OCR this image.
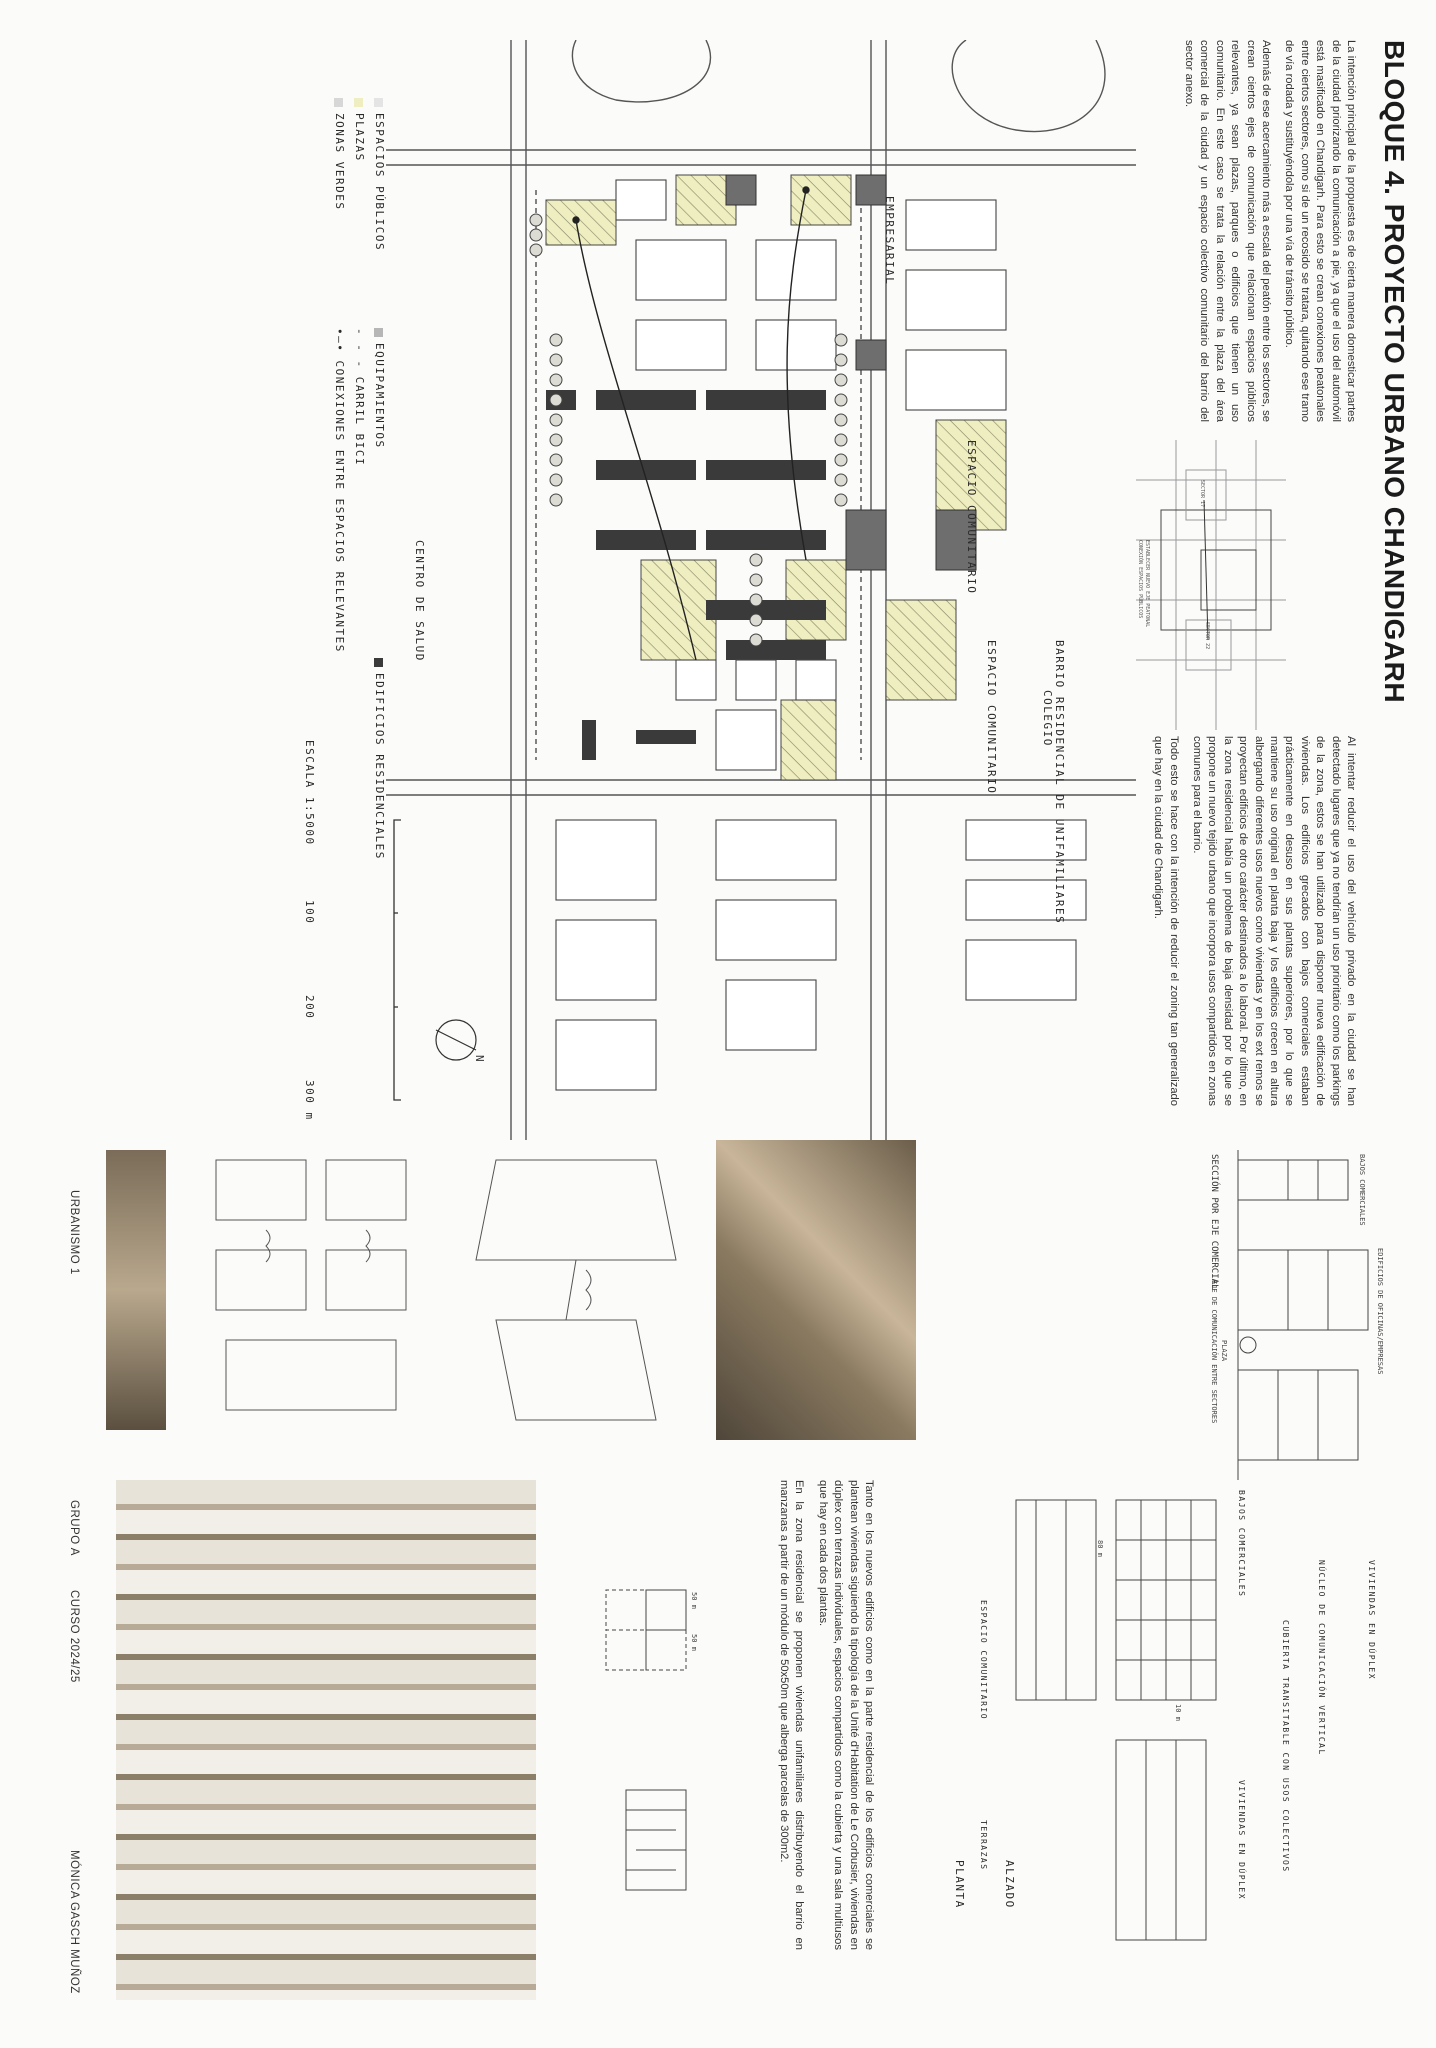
BLOQUE 4. PROYECTO URBANO CHANDIGARH

La intención principal de la propuesta es de cierta manera domesticar partes de la ciudad priorizando la comunicación a pie, ya que el uso del automóvil está masificado en Chandigarh. Para esto se crean conexiones peatonales entre ciertos sectores, como si de un recosido se tratara, quitando ese tramo de vía rodada y sustituyéndola por una vía de tránsito público.

Además de ese acercamiento más a escala del peatón entre los sectores, se crean ciertos ejes de comunicación que relacionan espacios públicos relevantes, ya sean plazas, parques o edificios que tienen un uso comunitario. En este caso se trata la relación entre la plaza del área comercial de la ciudad y un espacio colectivo comunitario del barrio del sector anexo.

Al intentar reducir el uso del vehículo privado en la ciudad se han detectado lugares que ya no tendrían un uso prioritario como los parkings de la zona, estos se han utilizado para disponer nueva edificación de viviendas. Los edificios grecados con bajos comerciales estaban prácticamente en desuso en sus plantas superiores, por lo que se mantiene su uso original en planta baja y los edificios crecen en altura albergando diferentes usos nuevos como viviendas y en los ext remos se proyectan edificios de otro carácter destinados a lo laboral. Por último, en la zona residencial había un problema de baja densidad por lo que se propone un nuevo tejido urbano que incorpora usos compartidos en zonas comunes para el barrio.

Todo esto se hace con la intención de reducir el zoning tan generalizado que hay en la ciudad de Chandigarh.

SECTOR 17
SECTOR 22
ESTABLECER NUEVO EJE PEATONAL
CONEXIÓN ESPACIOS PÚBLICOS
N
ESPACIO COMUNITARIO
EMPRESARIAL
ESPACIO COMUNITARIO	BARRIO RESIDENCIAL DE UNIFAMILIARES
COLEGIO
CENTRO DE SALUD
ESPACIOS PÚBLICOS
PLAZAS
ZONAS VERDES
EQUIPAMIENTOS
- - - CARRIL BICI
•—• CONEXIONES ENTRE ESPACIOS RELEVANTES
EDIFICIOS RESIDENCIALES
ESCALA 1:5000
100
200
300 m
BAJOS COMERCIALES
EDIFICIOS DE OFICINAS/EMPRESAS
SECCIÓN POR EJE COMERCIAL
EJE DE COMUNICACIÓN ENTRE SECTORES PLAZA
VIVIENDAS EN DÚPLEX
NÚCLEO DE COMUNICACIÓN VERTICAL
CUBIERTA TRANSITABLE CON USOS COLECTIVOS
80 m
10 m
BAJOS COMERCIALES
VIVIENDAS EN DÚPLEX
ALZADO
ESPACIO COMUNITARIO
TERRAZAS
PLANTA

Tanto en los nuevos edificios como en la parte residencial de los edificios comerciales se plantean viviendas siguiendo la tipología de la Unité d'Habitation de Le Corbusier, viviendas en dúplex con terrazas individuales, espacios compartidos como la cubierta y una sala multiusos que hay en cada dos plantas.

En la zona residencial se proponen viviendas unifamiliares distribuyendo el barrio en manzanas a partir de un módulo de 50x50m que alberga parcelas de 300m2.

50 m
50 m
URBANISMO 1
GRUPO A
CURSO 2024/25
MÓNICA GASCH MUÑOZ
